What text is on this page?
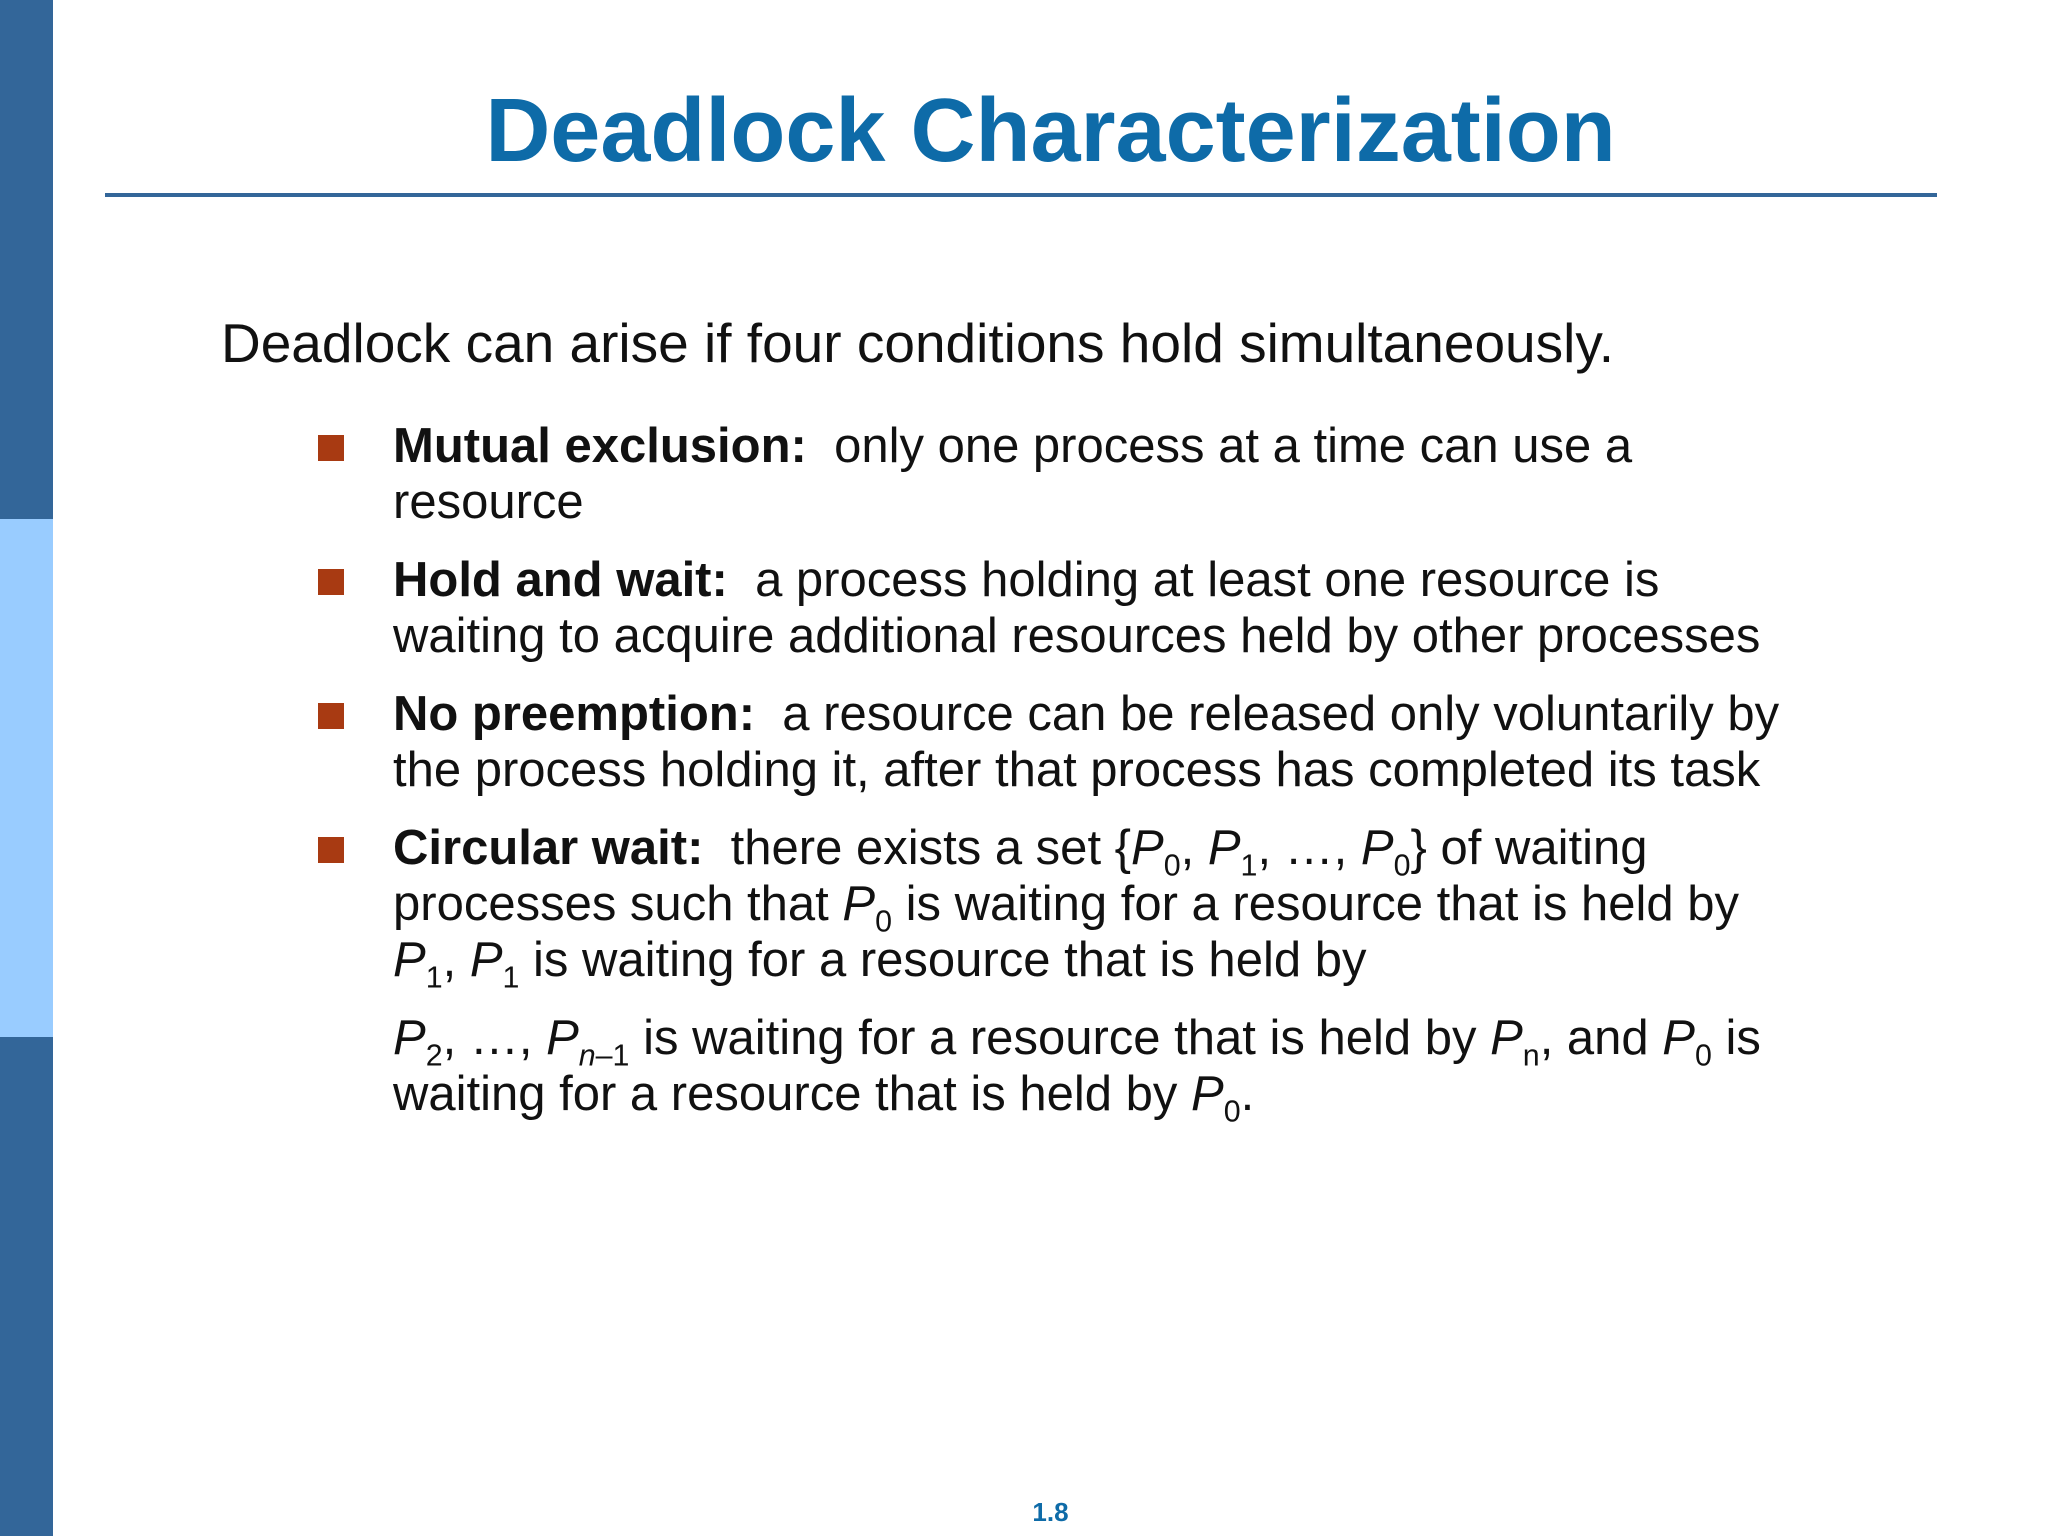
Deadlock Characterization

Deadlock can arise if four conditions hold simultaneously.

Mutual exclusion: only one process at a time can use a resource
Hold and wait: a process holding at least one resource is waiting to acquire additional resources held by other processes
No preemption: a resource can be released only voluntarily by the process holding it, after that process has completed its task
Circular wait: there exists a set {$P_0$, $P_1$, …, $P_0$} of waiting processes such that $P_0$ is waiting for a resource that is held by $P_1$, $P_1$ is waiting for a resource that is held by
$P_2$, …, $P_{n-1}$ is waiting for a resource that is held by $P_n$, and $P_0$ is waiting for a resource that is held by $P_0$.

1.8
